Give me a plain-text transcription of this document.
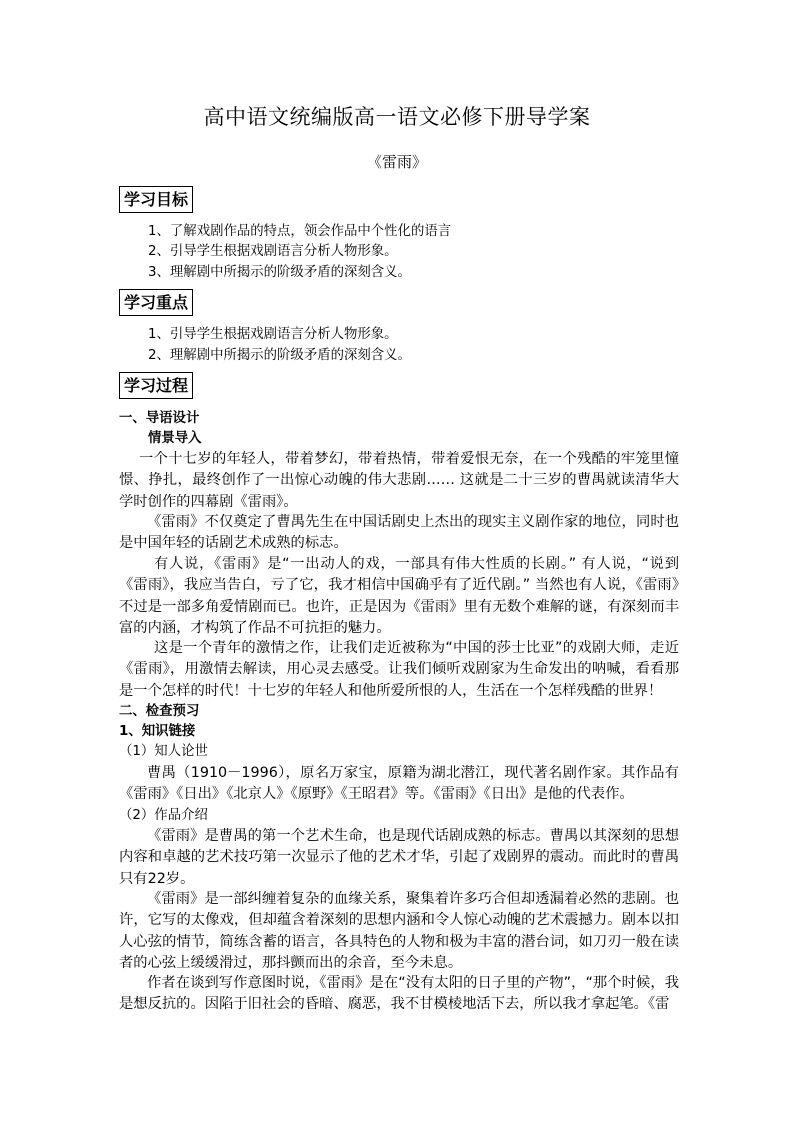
高中语文统编版高一语文必修下册导学案
《雷雨》
学习目标
1、了解戏剧作品的特点，领会作品中个性化的语言
2、引导学生根据戏剧语言分析人物形象。
3、理解剧中所揭示的阶级矛盾的深刻含义。
学习重点
1、引导学生根据戏剧语言分析人物形象。
2、理解剧中所揭示的阶级矛盾的深刻含义。
学习过程
一、导语设计
情景导入
一个十七岁的年轻人，带着梦幻，带着热情，带着爱恨无奈，在一个残酷的牢笼里憧憬、挣扎，最终创作了一出惊心动魄的伟大悲剧…… 这就是二十三岁的曹禺就读清华大学时创作的四幕剧《雷雨》。
《雷雨》不仅奠定了曹禺先生在中国话剧史上杰出的现实主义剧作家的地位，同时也是中国年轻的话剧艺术成熟的标志。
有人说，《雷雨》是“一出动人的戏，一部具有伟大性质的长剧。” 有人说，“说到《雷雨》，我应当告白，亏了它，我才相信中国确乎有了近代剧。” 当然也有人说，《雷雨》不过是一部多角爱情剧而已。也许，正是因为《雷雨》里有无数个难解的谜，有深刻而丰富的内涵，才构筑了作品不可抗拒的魅力。
这是一个青年的激情之作，让我们走近被称为“中国的莎士比亚”的戏剧大师，走近《雷雨》，用激情去解读，用心灵去感受。让我们倾听戏剧家为生命发出的呐喊，看看那是一个怎样的时代！十七岁的年轻人和他所爱所恨的人，生活在一个怎样残酷的世界！
二、检查预习
1、知识链接
（1）知人论世
曹禺（1910－1996），原名万家宝，原籍为湖北潜江，现代著名剧作家。其作品有《雷雨》《日出》《北京人》《原野》《王昭君》等。《雷雨》《日出》是他的代表作。
（2）作品介绍
《雷雨》是曹禺的第一个艺术生命，也是现代话剧成熟的标志。曹禺以其深刻的思想内容和卓越的艺术技巧第一次显示了他的艺术才华，引起了戏剧界的震动。而此时的曹禺只有22岁。
《雷雨》是一部纠缠着复杂的血缘关系，聚集着许多巧合但却透漏着必然的悲剧。也许，它写的太像戏，但却蕴含着深刻的思想内涵和令人惊心动魄的艺术震撼力。剧本以扣人心弦的情节，简练含蓄的语言，各具特色的人物和极为丰富的潜台词，如刀刃一般在读者的心弦上缓缓滑过，那抖颤而出的余音，至今未息。
作者在谈到写作意图时说，《雷雨》是在“没有太阳的日子里的产物”，“那个时候，我是想反抗的。因陷于旧社会的昏暗、腐恶，我不甘模棱地活下去，所以我才拿起笔。《雷
